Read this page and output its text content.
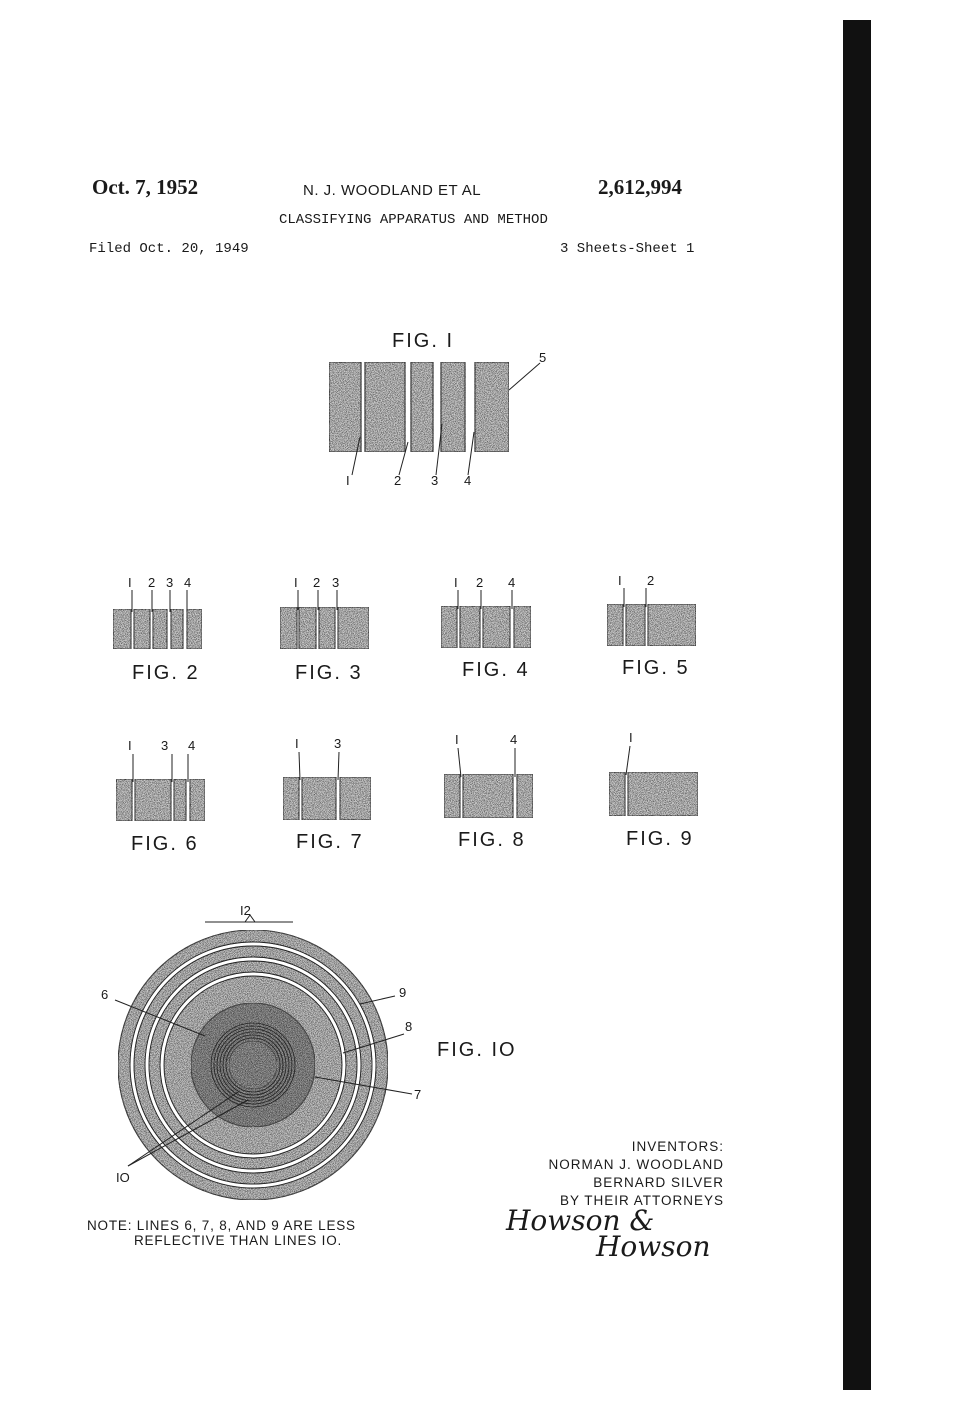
Oct. 7, 1952	N. J. WOODLAND ET AL	2,612,994
CLASSIFYING APPARATUS AND METHOD
Filed Oct. 20, 1949	3 Sheets-Sheet 1
FIG. I
I	2 3 4
5
I 2 3 4
FIG. 2
I 2 3
FIG. 3
I 2 4
FIG. 4
I 2
FIG. 5
I 3 4
FIG. 6
I	3
FIG. 7
I	4
FIG. 8
I
FIG. 9
I2
6	9
8
7
IO
FIG. IO
Howson &
Howson
NOTE: LINES 6, 7, 8, AND 9 ARE LESS
REFLECTIVE THAN LINES IO.
INVENTORS:
NORMAN J. WOODLAND
BERNARD SILVER
BY THEIR ATTORNEYS
